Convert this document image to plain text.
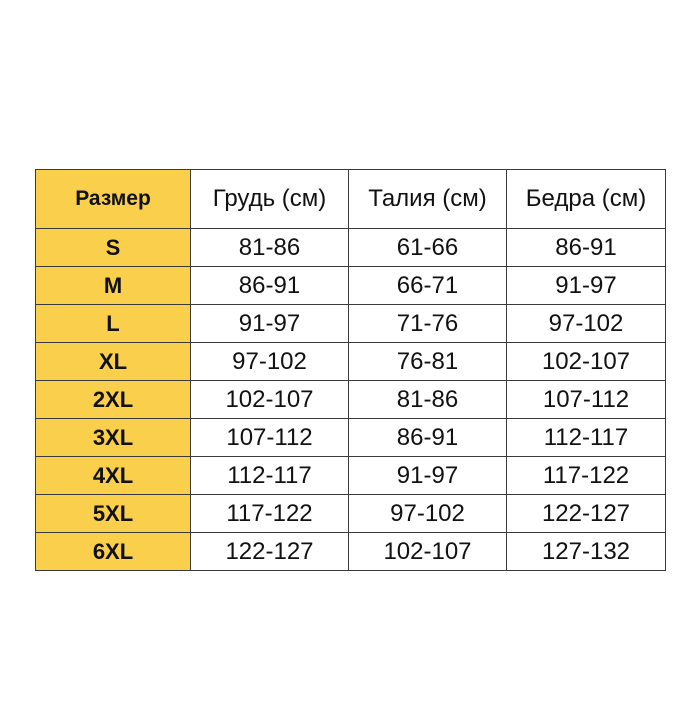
Размер	Грудь (см)	Талия (см)	Бедра (см)
S	81-86	61-66	86-91
M	86-91	66-71	91-97
L	91-97	71-76	97-102
XL	97-102	76-81	102-107
2XL	102-107	81-86	107-112
3XL	107-112	86-91	112-117
4XL	112-117	91-97	117-122
5XL	117-122	97-102	122-127
6XL	122-127	102-107	127-132
